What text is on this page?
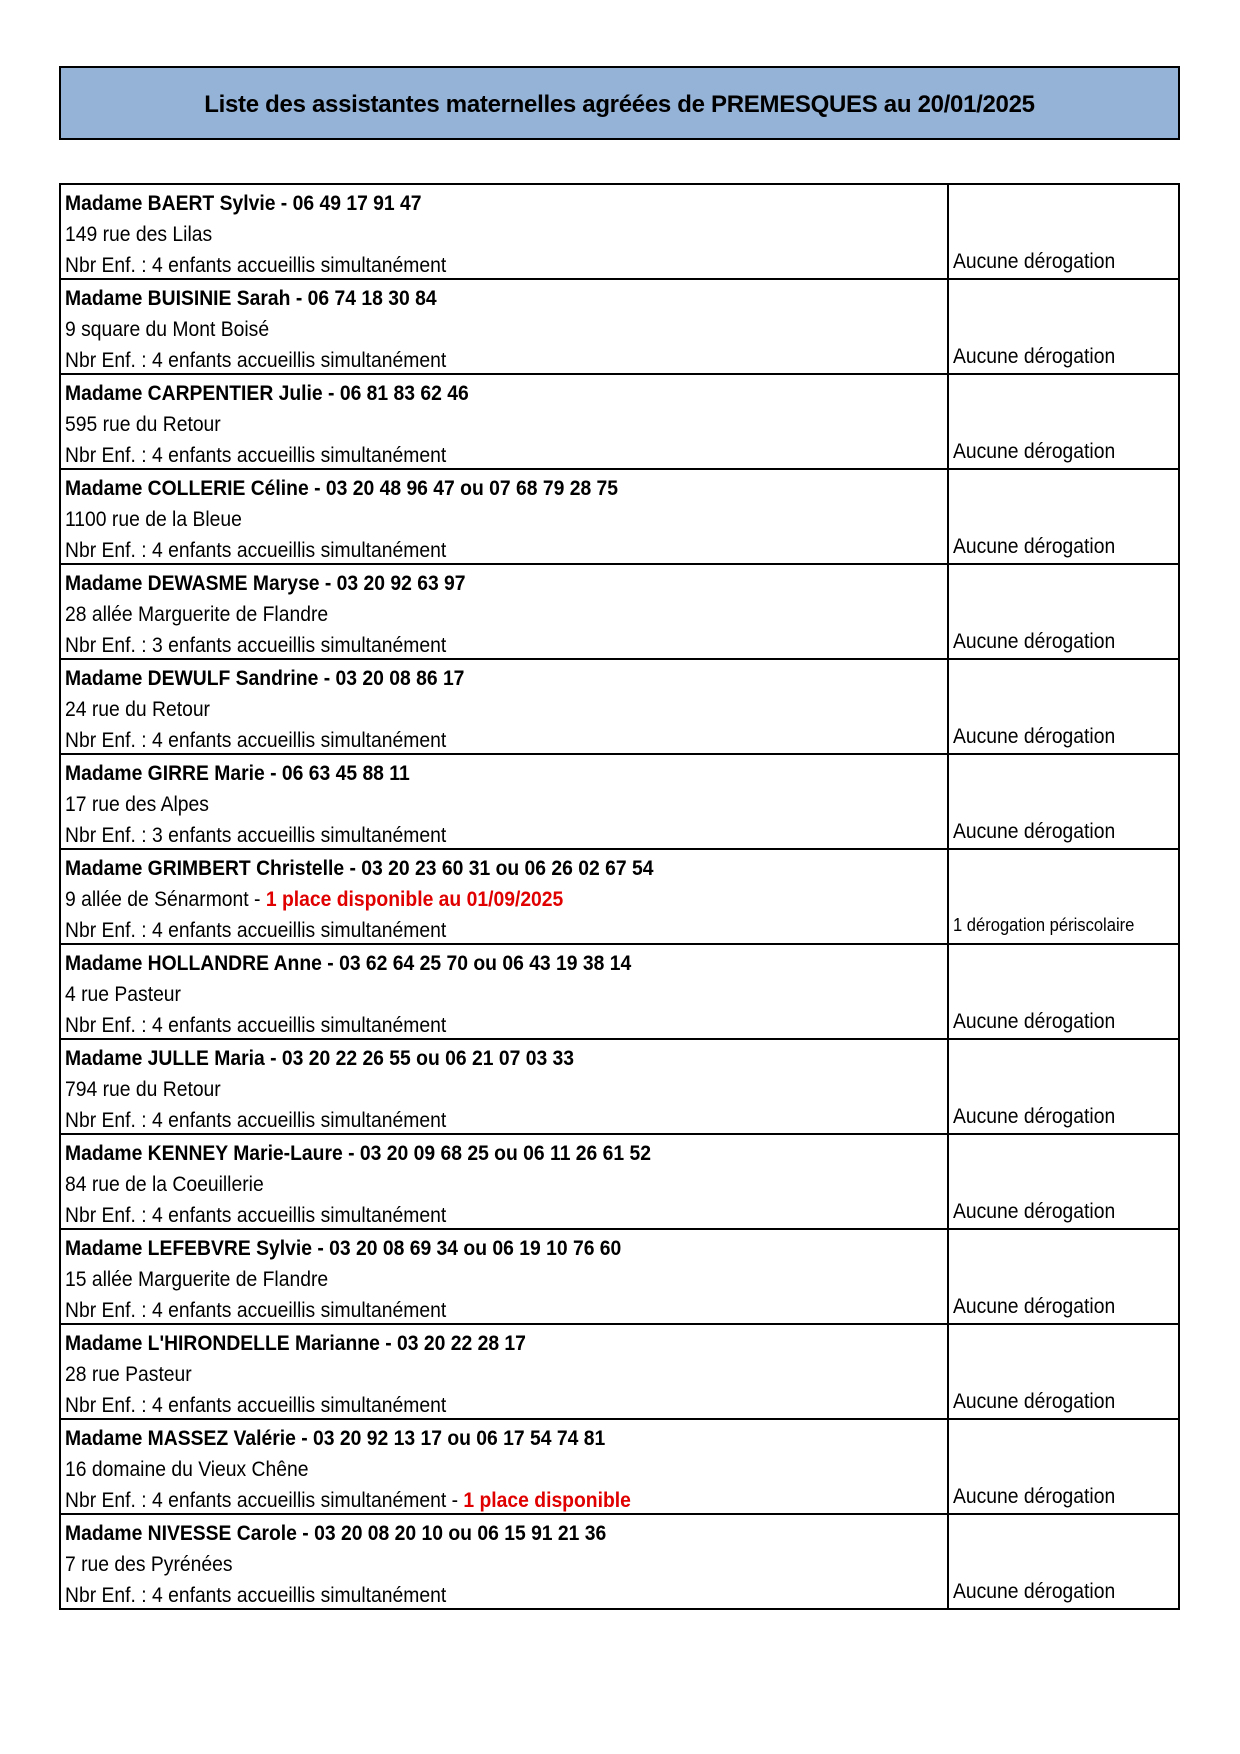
Liste des assistantes maternelles agréées de PREMESQUES au 20/01/2025
Madame BAERT Sylvie - 06 49 17 91 47
149 rue des Lilas
Nbr Enf. : 4 enfants accueillis simultanément	Aucune dérogation
Madame BUISINIE Sarah - 06 74 18 30 84
9 square du Mont Boisé
Nbr Enf. : 4 enfants accueillis simultanément	Aucune dérogation
Madame CARPENTIER Julie - 06 81 83 62 46
595 rue du Retour
Nbr Enf. : 4 enfants accueillis simultanément	Aucune dérogation
Madame COLLERIE Céline - 03 20 48 96 47 ou 07 68 79 28 75
1100 rue de la Bleue
Nbr Enf. : 4 enfants accueillis simultanément	Aucune dérogation
Madame DEWASME Maryse - 03 20 92 63 97
28 allée Marguerite de Flandre
Nbr Enf. : 3 enfants accueillis simultanément	Aucune dérogation
Madame DEWULF Sandrine - 03 20 08 86 17
24 rue du Retour
Nbr Enf. : 4 enfants accueillis simultanément	Aucune dérogation
Madame GIRRE Marie - 06 63 45 88 11
17 rue des Alpes
Nbr Enf. : 3 enfants accueillis simultanément	Aucune dérogation
Madame GRIMBERT Christelle - 03 20 23 60 31 ou 06 26 02 67 54
9 allée de Sénarmont - 1 place disponible au 01/09/2025
Nbr Enf. : 4 enfants accueillis simultanément	1 dérogation périscolaire
Madame HOLLANDRE Anne - 03 62 64 25 70 ou 06 43 19 38 14
4 rue Pasteur
Nbr Enf. : 4 enfants accueillis simultanément	Aucune dérogation
Madame JULLE Maria - 03 20 22 26 55 ou 06 21 07 03 33
794 rue du Retour
Nbr Enf. : 4 enfants accueillis simultanément	Aucune dérogation
Madame KENNEY Marie-Laure - 03 20 09 68 25 ou 06 11 26 61 52
84 rue de la Coeuillerie
Nbr Enf. : 4 enfants accueillis simultanément	Aucune dérogation
Madame LEFEBVRE Sylvie - 03 20 08 69 34 ou 06 19 10 76 60
15 allée Marguerite de Flandre
Nbr Enf. : 4 enfants accueillis simultanément	Aucune dérogation
Madame L'HIRONDELLE Marianne - 03 20 22 28 17
28 rue Pasteur
Nbr Enf. : 4 enfants accueillis simultanément	Aucune dérogation
Madame MASSEZ Valérie - 03 20 92 13 17 ou 06 17 54 74 81
16 domaine du Vieux Chêne
Nbr Enf. : 4 enfants accueillis simultanément - 1 place disponible	Aucune dérogation
Madame NIVESSE Carole - 03 20 08 20 10 ou 06 15 91 21 36
7 rue des Pyrénées
Nbr Enf. : 4 enfants accueillis simultanément	Aucune dérogation
